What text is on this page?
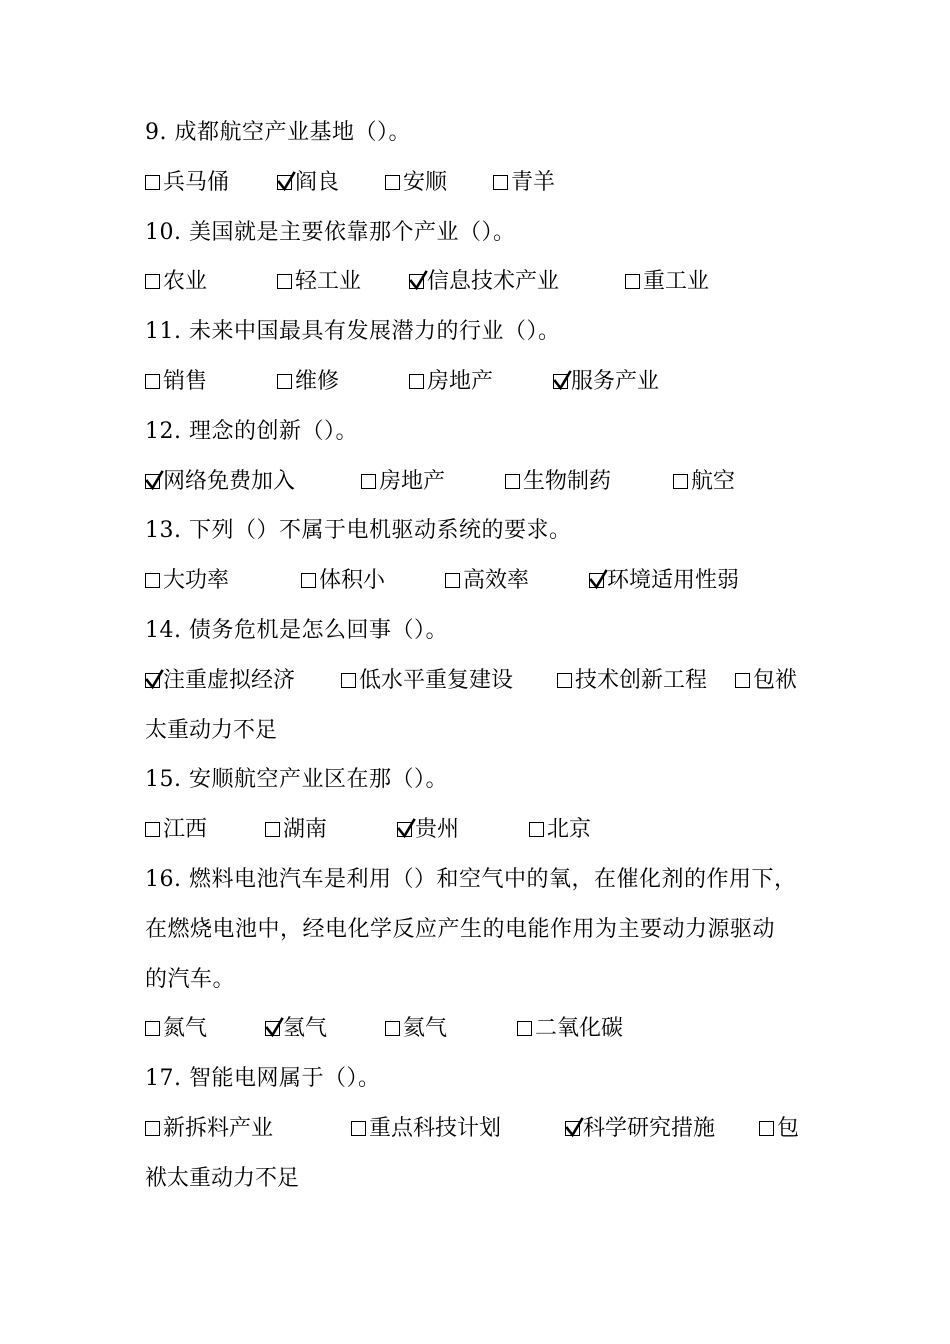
9. 成都航空产业基地（）。
兵马俑	阎良	安顺	青羊
10. 美国就是主要依靠那个产业（）。
农业	轻工业	信息技术产业	重工业
11. 未来中国最具有发展潜力的行业（）。
销售	维修	房地产	服务产业
12. 理念的创新（）。
网络免费加入	房地产	生物制药	航空
13. 下列（）不属于电机驱动系统的要求。
大功率	体积小	高效率	环境适用性弱
14. 债务危机是怎么回事（）。
注重虚拟经济	低水平重复建设	技术创新工程	包袱
太重动力不足
15. 安顺航空产业区在那（）。
江西	湖南	贵州	北京
16. 燃料电池汽车是利用（）和空气中的氧，在催化剂的作用下，
在燃烧电池中，经电化学反应产生的电能作用为主要动力源驱动
的汽车。
氮气	氢气	氦气	二氧化碳
17. 智能电网属于（）。
新拆料产业	重点科技计划	科学研究措施	包
袱太重动力不足
